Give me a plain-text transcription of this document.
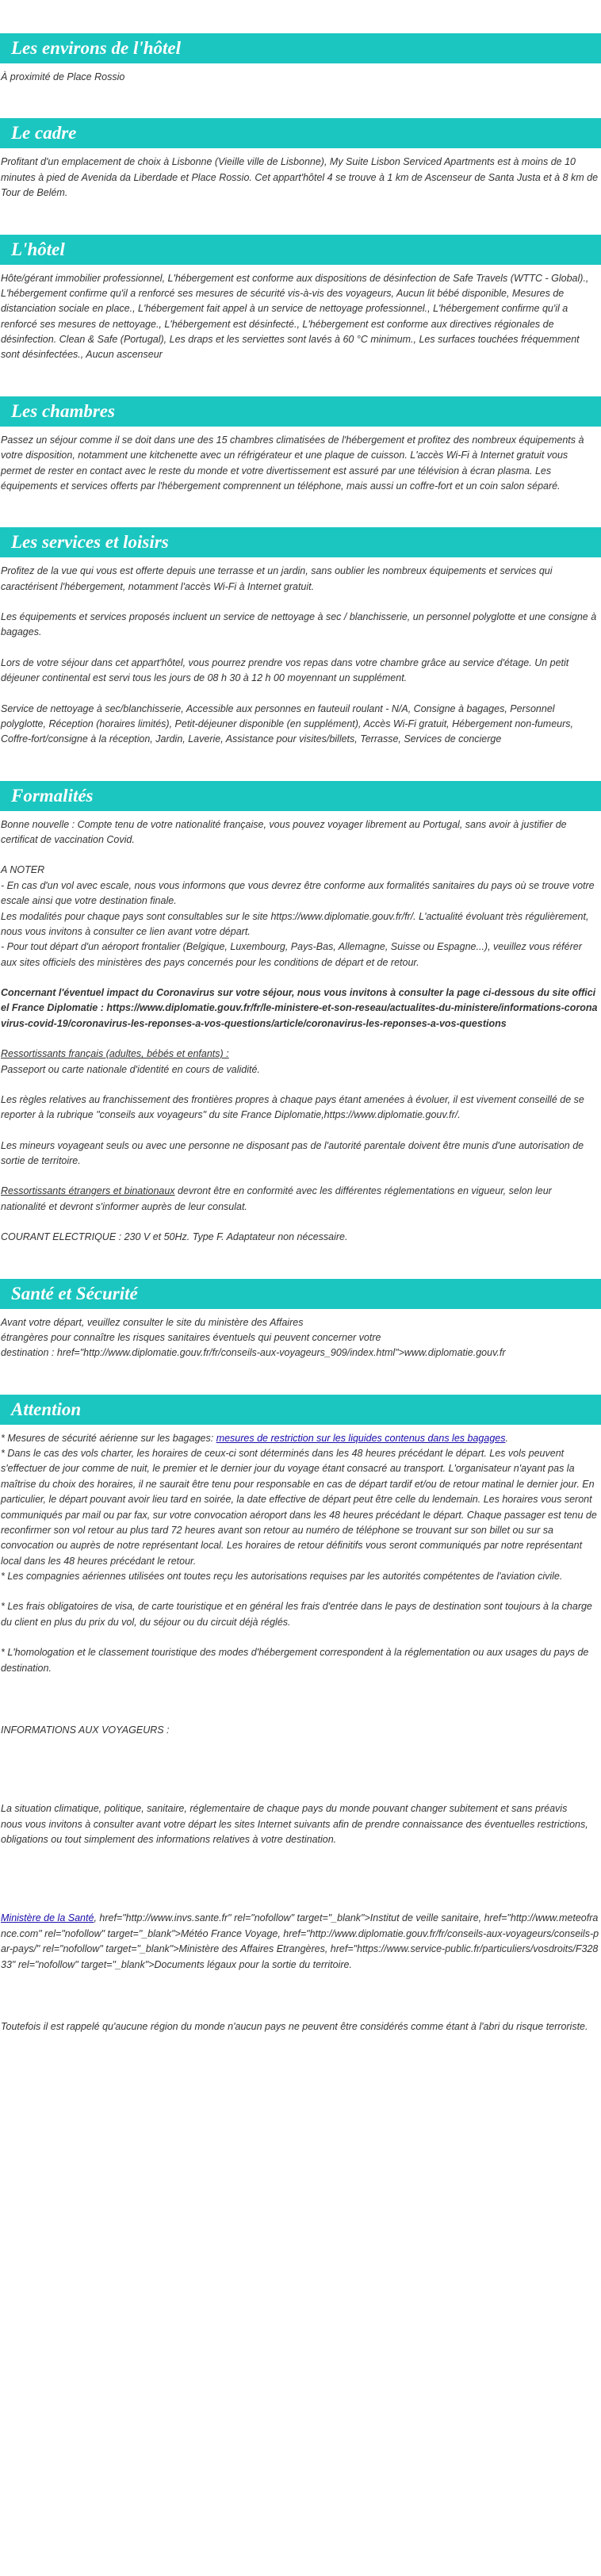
Les environs de l'hôtel

À proximité de Place Rossio

Le cadre

Profitant d'un emplacement de choix à Lisbonne (Vieille ville de Lisbonne), My Suite Lisbon Serviced Apartments est à moins de 10 minutes à pied de Avenida da Liberdade et Place Rossio. Cet appart'hôtel 4 se trouve à 1 km de Ascenseur de Santa Justa et à 8 km de Tour de Belém.

L'hôtel

Hôte/gérant immobilier professionnel, L'hébergement est conforme aux dispositions de désinfection de Safe Travels (WTTC - Global)., L'hébergement confirme qu'il a renforcé ses mesures de sécurité vis-à-vis des voyageurs, Aucun lit bébé disponible, Mesures de distanciation sociale en place., L'hébergement fait appel à un service de nettoyage professionnel., L'hébergement confirme qu'il a renforcé ses mesures de nettoyage., L'hébergement est désinfecté., L'hébergement est conforme aux directives régionales de désinfection. Clean & Safe (Portugal), Les draps et les serviettes sont lavés à 60 °C minimum., Les surfaces touchées fréquemment sont désinfectées., Aucun ascenseur

Les chambres

Passez un séjour comme il se doit dans une des 15 chambres climatisées de l'hébergement et profitez des nombreux équipements à votre disposition, notamment une kitchenette avec un réfrigérateur et une plaque de cuisson. L'accès Wi-Fi à Internet gratuit vous permet de rester en contact avec le reste du monde et votre divertissement est assuré par une télévision à écran plasma. Les équipements et services offerts par l'hébergement comprennent un téléphone, mais aussi un coffre-fort et un coin salon séparé.

Les services et loisirs

Profitez de la vue qui vous est offerte depuis une terrasse et un jardin, sans oublier les nombreux équipements et services qui caractérisent l'hébergement, notamment l'accès Wi-Fi à Internet gratuit.

Les équipements et services proposés incluent un service de nettoyage à sec / blanchisserie, un personnel polyglotte et une consigne à bagages.

Lors de votre séjour dans cet appart'hôtel, vous pourrez prendre vos repas dans votre chambre grâce au service d'étage. Un petit déjeuner continental est servi tous les jours de 08 h 30 à 12 h 00 moyennant un supplément.

Service de nettoyage à sec/blanchisserie, Accessible aux personnes en fauteuil roulant - N/A, Consigne à bagages, Personnel polyglotte, Réception (horaires limités), Petit-déjeuner disponible (en supplément), Accès Wi-Fi gratuit, Hébergement non-fumeurs, Coffre-fort/consigne à la réception, Jardin, Laverie, Assistance pour visites/billets, Terrasse, Services de concierge

Formalités

Bonne nouvelle : Compte tenu de votre nationalité française, vous pouvez voyager librement au Portugal, sans avoir à justifier de certificat de vaccination Covid.

A NOTER

- En cas d'un vol avec escale, nous vous informons que vous devrez être conforme aux formalités sanitaires du pays où se trouve votre escale ainsi que votre destination finale.

Les modalités pour chaque pays sont consultables sur le site https://www.diplomatie.gouv.fr/fr/. L'actualité évoluant très régulièrement, nous vous invitons à consulter ce lien avant votre départ.

- Pour tout départ d'un aéroport frontalier (Belgique, Luxembourg, Pays-Bas, Allemagne, Suisse ou Espagne...), veuillez vous référer aux sites officiels des ministères des pays concernés pour les conditions de départ et de retour.

Concernant l'éventuel impact du Coronavirus sur votre séjour, nous vous invitons à consulter la page ci-dessous du site officiel France Diplomatie : https://www.diplomatie.gouv.fr/fr/le-ministere-et-son-reseau/actualites-du-ministere/informations-coronavirus-covid-19/coronavirus-les-reponses-a-vos-questions/article/coronavirus-les-reponses-a-vos-questions

Ressortissants français (adultes, bébés et enfants) :

Passeport ou carte nationale d'identité en cours de validité.

Les règles relatives au franchissement des frontières propres à chaque pays étant amenées à évoluer, il est vivement conseillé de se reporter à la rubrique "conseils aux voyageurs" du site France Diplomatie,https://www.diplomatie.gouv.fr/.

Les mineurs voyageant seuls ou avec une personne ne disposant pas de l'autorité parentale doivent être munis d'une autorisation de sortie de territoire.

Ressortissants étrangers et binationaux devront être en conformité avec les différentes réglementations en vigueur, selon leur nationalité et devront s'informer auprès de leur consulat.

COURANT ELECTRIQUE : 230 V et 50Hz. Type F. Adaptateur non nécessaire.

Santé et Sécurité

Avant votre départ, veuillez consulter le site du ministère des Affaires

étrangères pour connaître les risques sanitaires éventuels qui peuvent concerner votre

destination : href="http://www.diplomatie.gouv.fr/fr/conseils-aux-voyageurs_909/index.html">www.diplomatie.gouv.fr

Attention

* Mesures de sécurité aérienne sur les bagages: mesures de restriction sur les liquides contenus dans les bagages.

* Dans le cas des vols charter, les horaires de ceux-ci sont déterminés dans les 48 heures précédant le départ. Les vols peuvent s'effectuer de jour comme de nuit, le premier et le dernier jour du voyage étant consacré au transport. L'organisateur n'ayant pas la maîtrise du choix des horaires, il ne saurait être tenu pour responsable en cas de départ tardif et/ou de retour matinal le dernier jour. En particulier, le départ pouvant avoir lieu tard en soirée, la date effective de départ peut être celle du lendemain. Les horaires vous seront communiqués par mail ou par fax, sur votre convocation aéroport dans les 48 heures précédant le départ. Chaque passager est tenu de reconfirmer son vol retour au plus tard 72 heures avant son retour au numéro de téléphone se trouvant sur son billet ou sur sa convocation ou auprès de notre représentant local. Les horaires de retour définitifs vous seront communiqués par notre représentant local dans les 48 heures précédant le retour.

* Les compagnies aériennes utilisées ont toutes reçu les autorisations requises par les autorités compétentes de l'aviation civile.

* Les frais obligatoires de visa, de carte touristique et en général les frais d'entrée dans le pays de destination sont toujours à la charge du client en plus du prix du vol, du séjour ou du circuit déjà réglés.

* L'homologation et le classement touristique des modes d'hébergement correspondent à la réglementation ou aux usages du pays de destination.

INFORMATIONS AUX VOYAGEURS :

La situation climatique, politique, sanitaire, réglementaire de chaque pays du monde pouvant changer subitement et sans préavis

nous vous invitons à consulter avant votre départ les sites Internet suivants afin de prendre connaissance des éventuelles restrictions, obligations ou tout simplement des informations relatives à votre destination.

Ministère de la Santé, href="http://www.invs.sante.fr" rel="nofollow" target="_blank">Institut de veille sanitaire, href="http://www.meteofrance.com" rel="nofollow" target="_blank">Météo France Voyage, href="http://www.diplomatie.gouv.fr/fr/conseils-aux-voyageurs/conseils-par-pays/" rel="nofollow" target="_blank">Ministère des Affaires Etrangères, href="https://www.service-public.fr/particuliers/vosdroits/F32833" rel="nofollow" target="_blank">Documents légaux pour la sortie du territoire.

Toutefois il est rappelé qu'aucune région du monde n'aucun pays ne peuvent être considérés comme étant à l'abri du risque terroriste.
